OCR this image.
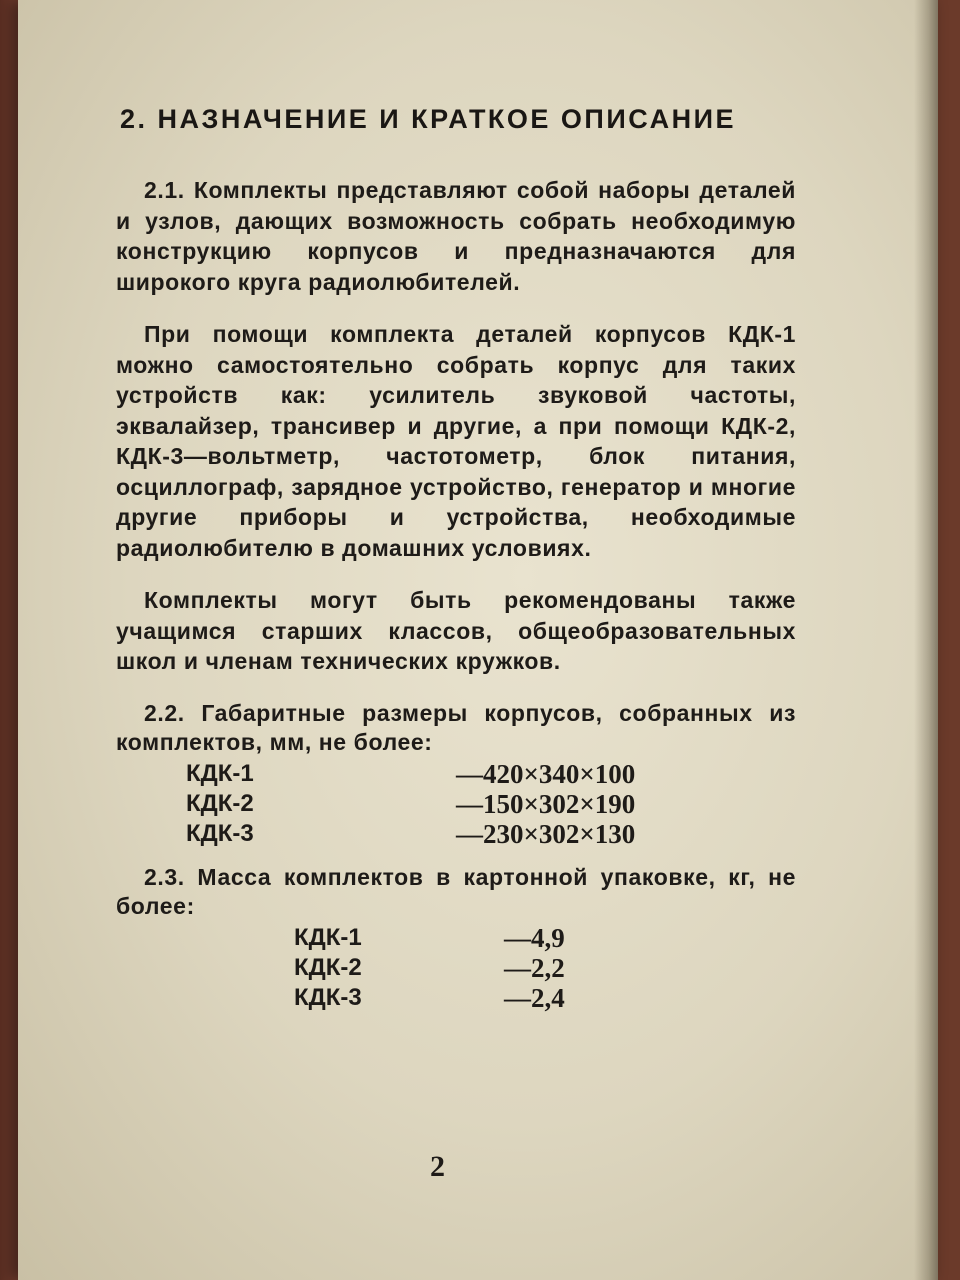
2. НАЗНАЧЕНИЕ И КРАТКОЕ ОПИСАНИЕ

2.1. Комплекты представляют собой наборы деталей и узлов, дающих возможность собрать необходимую конструкцию корпусов и предназначаются для широкого круга радиолюбителей.

При помощи комплекта деталей корпусов КДК-1 можно самостоятельно собрать корпус для таких устройств как: усилитель звуковой частоты, эквалайзер, трансивер и другие, а при помощи КДК-2, КДК-3—вольтметр, частотометр, блок питания, осциллограф, зарядное устройство, генератор и многие другие приборы и устройства, необходимые радиолюбителю в домашних условиях.

Комплекты могут быть рекомендованы также учащимся старших классов, общеобразовательных школ и членам технических кружков.

2.2. Габаритные размеры корпусов, собранных из комплектов, мм, не более:
КДК-1	—420×340×100
КДК-2	—150×302×190
КДК-3	—230×302×130
2.3. Масса комплектов в картонной упаковке, кг, не более:
КДК-1	—4,9
КДК-2	—2,2
КДК-3	—2,4
2
